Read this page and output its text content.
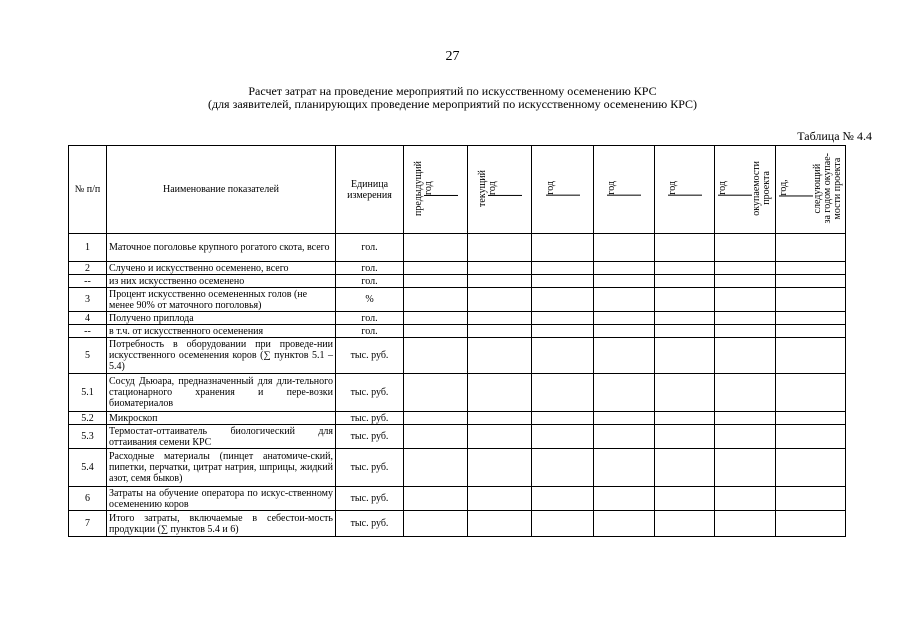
27
Расчет затрат на проведение мероприятий по искусственному осеменению КРС
(для заявителей, планирующих проведение мероприятий по искусственному осеменению КРС)
Таблица № 4.4
№ п/п	Наименование показателей	Единица измерения	предыдущий год	текущий год	год	год	год	год окупаемости проекта	год, следующий за годом окупае- мости проекта

1	Маточное поголовье крупного рогатого скота, всего	гол.							
2	Случено и искусственно осеменено, всего	гол.							
--	из них искусственно осеменено	гол.							
3	Процент искусственно осемененных голов (не менее 90% от маточного поголовья)	%							
4	Получено приплода	гол.							
--	в т.ч. от искусственного осеменения	гол.							
5	Потребность в оборудовании при проведе-нии искусственного осеменения коров (∑ пунктов 5.1 –5.4)	тыс. руб.							
5.1	Сосуд Дьюара, предназначенный для дли-тельного стационарного хранения и пере-возки биоматериалов	тыс. руб.							
5.2	Микроскоп	тыс. руб.							
5.3	Термостат-оттаиватель биологический для оттаивания семени КРС	тыс. руб.							
5.4	Расходные материалы (пинцет анатомиче-ский, пипетки, перчатки, цитрат натрия, шприцы, жидкий азот, семя быков)	тыс. руб.							
6	Затраты на обучение оператора по искус-ственному осеменению коров	тыс. руб.							
7	Итого затраты, включаемые в себестои-мость продукции (∑ пунктов 5.4 и 6)	тыс. руб.							
